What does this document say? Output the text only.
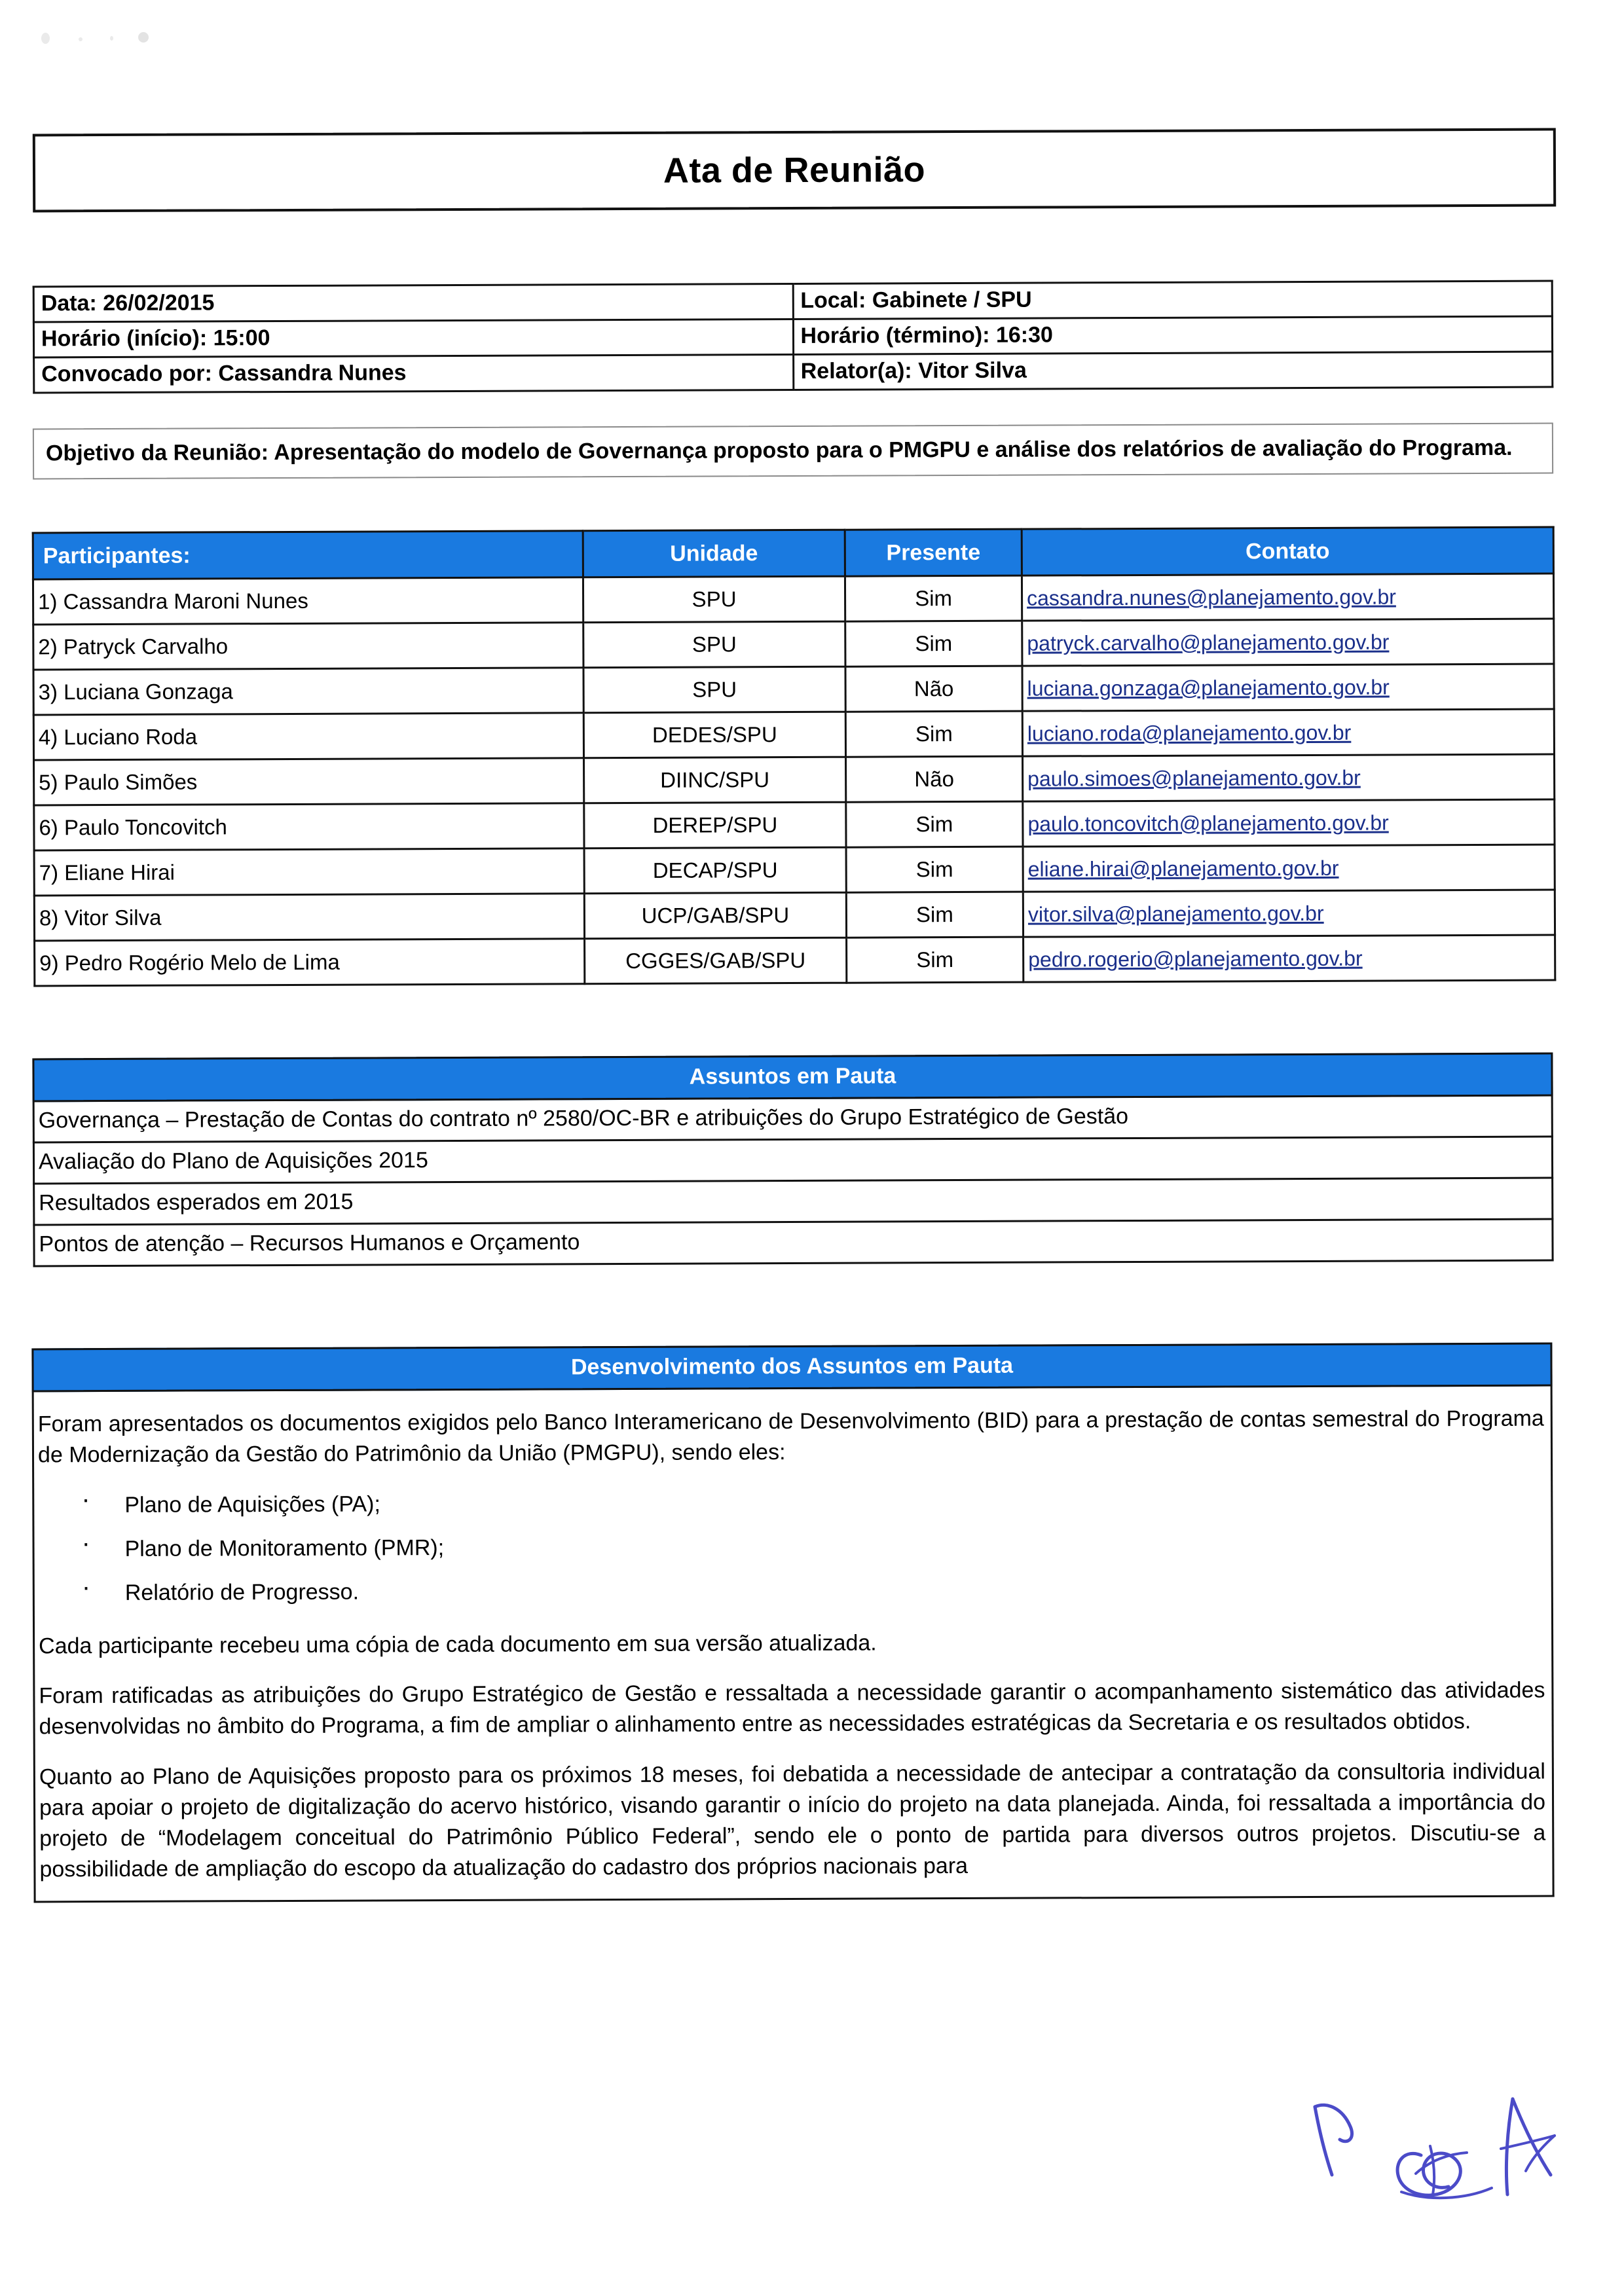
Ata de Reunião
Data: 26/02/2015	Local: Gabinete / SPU
Horário (início): 15:00	Horário (término): 16:30
Convocado por: Cassandra Nunes	Relator(a): Vitor Silva
Objetivo da Reunião: Apresentação do modelo de Governança proposto para o PMGPU e análise dos relatórios de avaliação do Programa.
Participantes:	Unidade	Presente	Contato
1) Cassandra Maroni Nunes	SPU	Sim	cassandra.nunes@planejamento.gov.br
2) Patryck Carvalho	SPU	Sim	patryck.carvalho@planejamento.gov.br
3) Luciana Gonzaga	SPU	Não	luciana.gonzaga@planejamento.gov.br
4) Luciano Roda	DEDES/SPU	Sim	luciano.roda@planejamento.gov.br
5) Paulo Simões	DIINC/SPU	Não	paulo.simoes@planejamento.gov.br
6) Paulo Toncovitch	DEREP/SPU	Sim	paulo.toncovitch@planejamento.gov.br
7) Eliane Hirai	DECAP/SPU	Sim	eliane.hirai@planejamento.gov.br
8) Vitor Silva	UCP/GAB/SPU	Sim	vitor.silva@planejamento.gov.br
9) Pedro Rogério Melo de Lima	CGGES/GAB/SPU	Sim	pedro.rogerio@planejamento.gov.br
Assuntos em Pauta
Governança – Prestação de Contas do contrato nº 2580/OC-BR e atribuições do Grupo Estratégico de Gestão
Avaliação do Plano de Aquisições 2015
Resultados esperados em 2015
Pontos de atenção – Recursos Humanos e Orçamento
Desenvolvimento dos Assuntos em Pauta

Foram apresentados os documentos exigidos pelo Banco Interamericano de Desenvolvimento (BID) para a prestação de contas semestral do Programa de Modernização da Gestão do Patrimônio da União (PMGPU), sendo eles:

· Plano de Aquisições (PA);
· Plano de Monitoramento (PMR);
· Relatório de Progresso.

Cada participante recebeu uma cópia de cada documento em sua versão atualizada.

Foram ratificadas as atribuições do Grupo Estratégico de Gestão e ressaltada a necessidade garantir o acompanhamento sistemático das atividades desenvolvidas no âmbito do Programa, a fim de ampliar o alinhamento entre as necessidades estratégicas da Secretaria e os resultados obtidos.

Quanto ao Plano de Aquisições proposto para os próximos 18 meses, foi debatida a necessidade de antecipar a contratação da consultoria individual para apoiar o projeto de digitalização do acervo histórico, visando garantir o início do projeto na data planejada. Ainda, foi ressaltada a importância do projeto de “Modelagem conceitual do Patrimônio Público Federal”, sendo ele o ponto de partida para diversos outros projetos. Discutiu-se a possibilidade de ampliação do escopo da atualização do cadastro dos próprios nacionais para
